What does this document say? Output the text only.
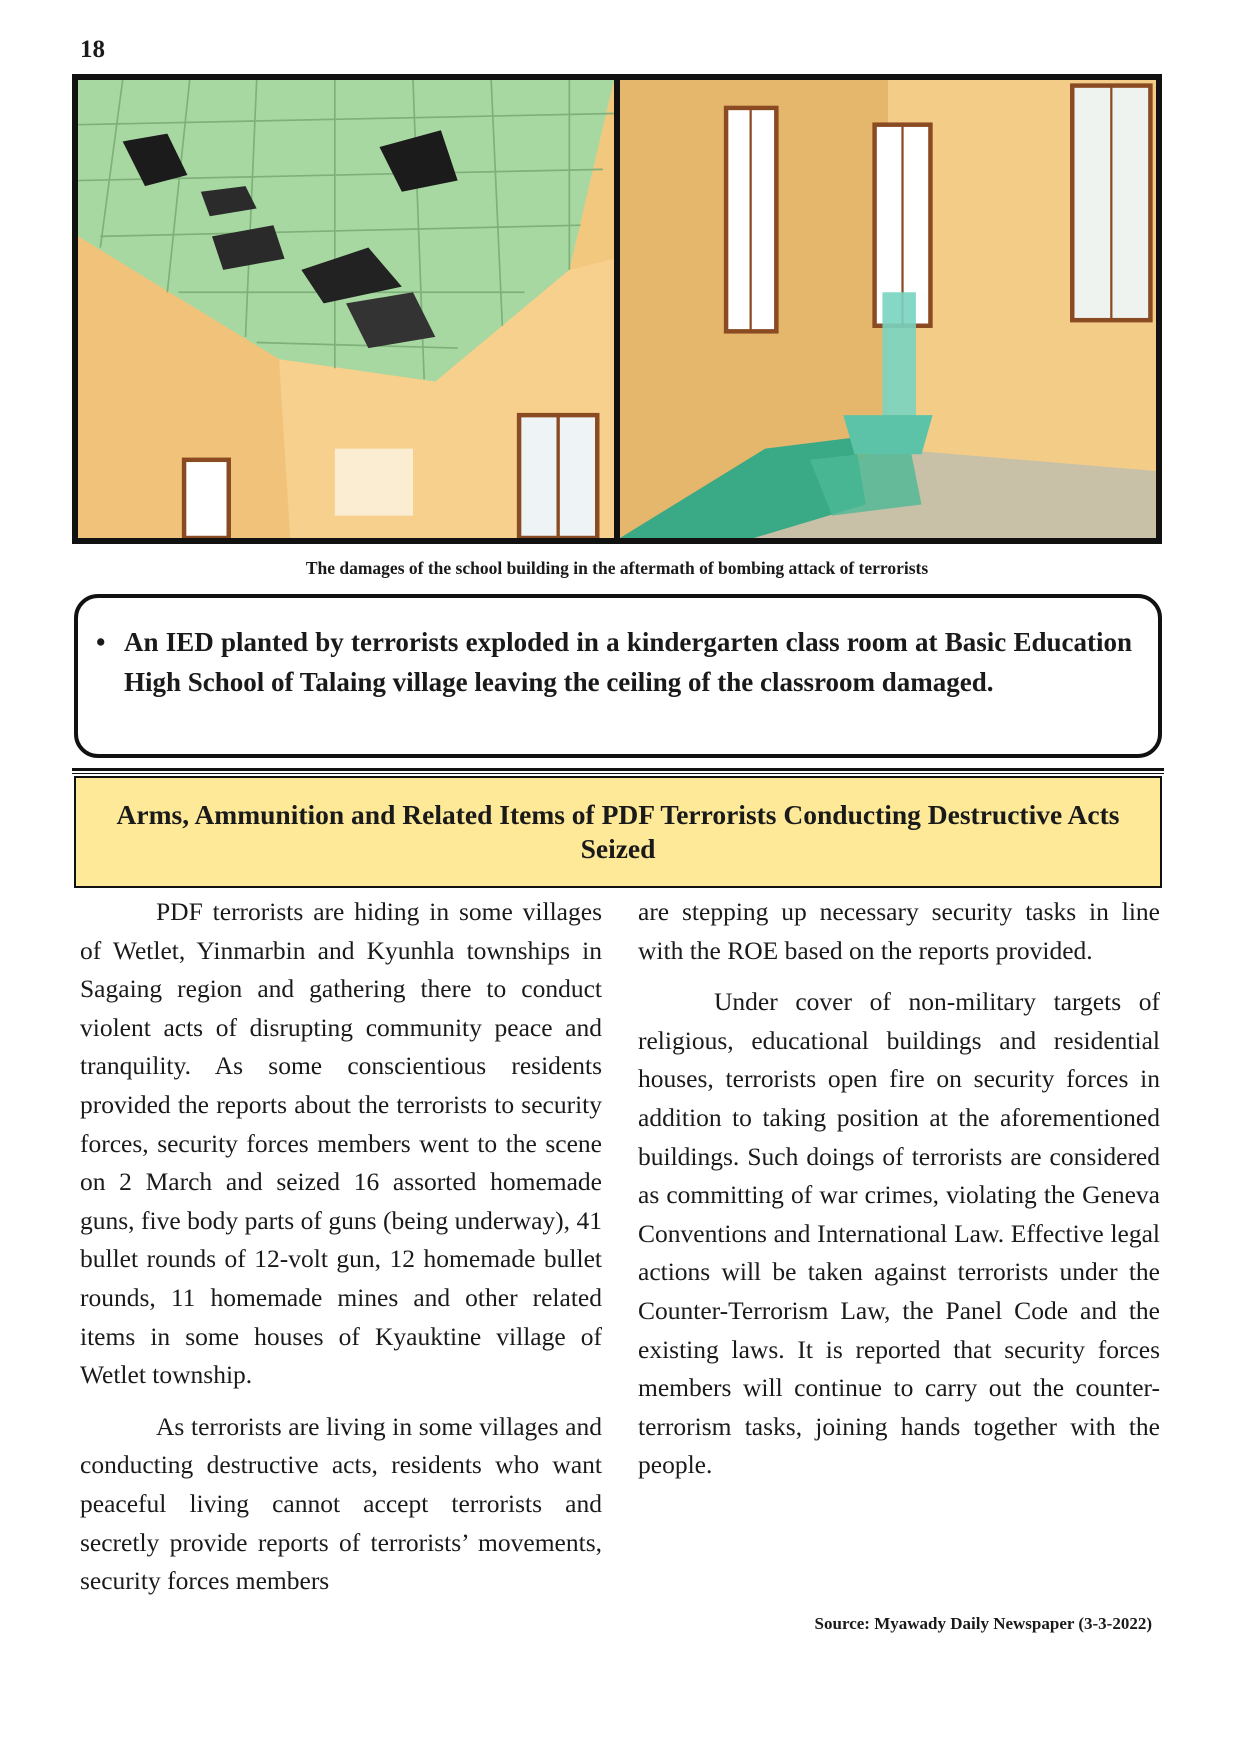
18
The damages of the school building in the aftermath of bombing attack of terrorists
• An IED planted by terrorists exploded in a kindergarten class room at Basic Education High School of Talaing village leaving the ceiling of the classroom damaged.
Arms, Ammunition and Related Items of PDF Terrorists Conducting Destructive Acts Seized

PDF terrorists are hiding in some villages of Wetlet, Yinmarbin and Kyunhla townships in Sagaing region and gathering there to conduct violent acts of disrupting community peace and tranquility. As some conscientious residents provided the reports about the terrorists to security forces, security forces members went to the scene on 2 March and seized 16 assorted homemade guns, five body parts of guns (being underway), 41 bullet rounds of 12-volt gun, 12 homemade bullet rounds, 11 homemade mines and other related items in some houses of Kyauktine village of Wetlet township.

As terrorists are living in some villages and conducting destructive acts, residents who want peaceful living cannot accept terrorists and secretly provide reports of terrorists’ movements, security forces members

are stepping up necessary security tasks in line with the ROE based on the reports provided.

Under cover of non-military targets of religious, educational buildings and residential houses, terrorists open fire on security forces in addition to taking position at the aforementioned buildings. Such doings of terrorists are considered as committing of war crimes, violating the Geneva Conventions and International Law. Effective legal actions will be taken against terrorists under the Counter-Terrorism Law, the Panel Code and the existing laws. It is reported that security forces members will continue to carry out the counter-terrorism tasks, joining hands together with the people.

Source: Myawady Daily Newspaper (3-3-2022)
